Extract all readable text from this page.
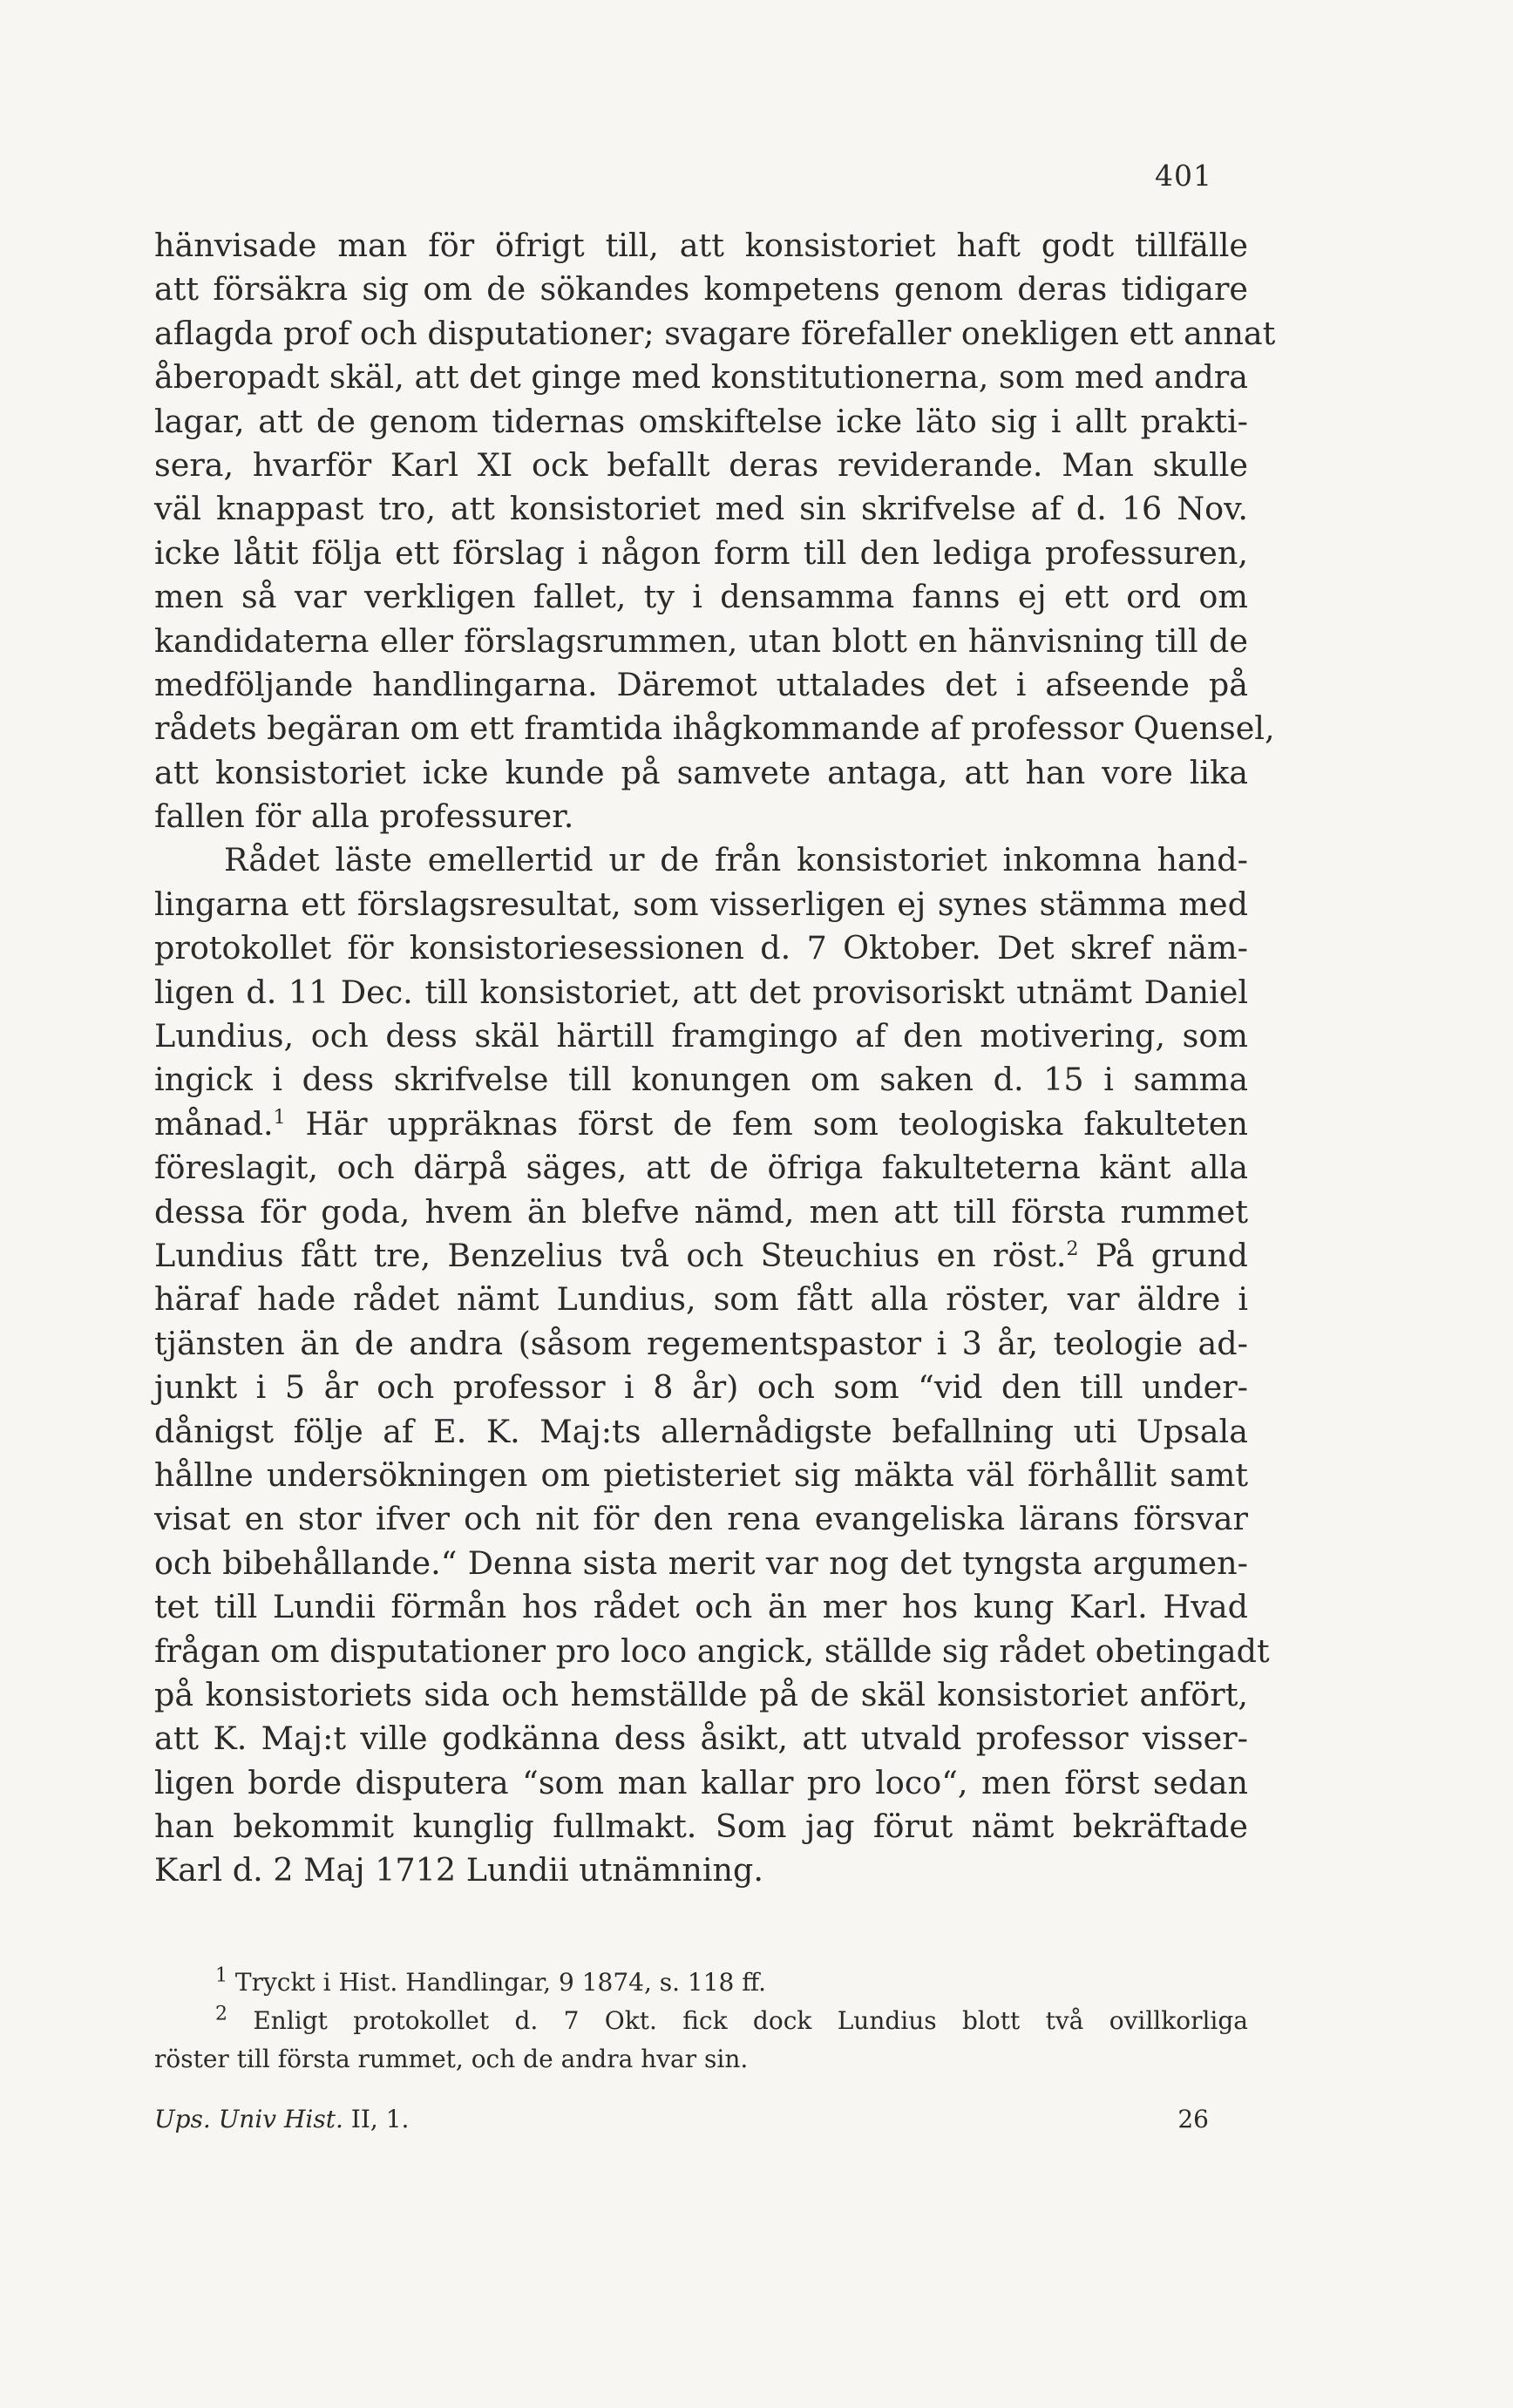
401
hänvisade man för öfrigt till, att konsistoriet haft godt tillfälle
att försäkra sig om de sökandes kompetens genom deras tidigare
aflagda prof och disputationer; svagare förefaller onekligen ett annat
åberopadt skäl, att det ginge med konstitutionerna, som med andra
lagar, att de genom tidernas omskiftelse icke läto sig i allt prakti-
sera, hvarför Karl XI ock befallt deras reviderande. Man skulle
väl knappast tro, att konsistoriet med sin skrifvelse af d. 16 Nov.
icke låtit följa ett förslag i någon form till den lediga professuren,
men så var verkligen fallet, ty i densamma fanns ej ett ord om
kandidaterna eller förslagsrummen, utan blott en hänvisning till de
medföljande handlingarna. Däremot uttalades det i afseende på
rådets begäran om ett framtida ihågkommande af professor Quensel,
att konsistoriet icke kunde på samvete antaga, att han vore lika
fallen för alla professurer.
Rådet läste emellertid ur de från konsistoriet inkomna hand-
lingarna ett förslagsresultat, som visserligen ej synes stämma med
protokollet för konsistoriesessionen d. 7 Oktober. Det skref näm-
ligen d. 11 Dec. till konsistoriet, att det provisoriskt utnämt Daniel
Lundius, och dess skäl härtill framgingo af den motivering, som
ingick i dess skrifvelse till konungen om saken d. 15 i samma
månad.$^1$ Här uppräknas först de fem som teologiska fakulteten
föreslagit, och därpå säges, att de öfriga fakulteterna känt alla
dessa för goda, hvem än blefve nämd, men att till första rummet
Lundius fått tre, Benzelius två och Steuchius en röst.$^2$ På grund
häraf hade rådet nämt Lundius, som fått alla röster, var äldre i
tjänsten än de andra (såsom regementspastor i 3 år, teologie ad-
junkt i 5 år och professor i 8 år) och som “vid den till under-
dånigst följe af E. K. Maj:ts allernådigste befallning uti Upsala
hållne undersökningen om pietisteriet sig mäkta väl förhållit samt
visat en stor ifver och nit för den rena evangeliska lärans försvar
och bibehållande.“ Denna sista merit var nog det tyngsta argumen-
tet till Lundii förmån hos rådet och än mer hos kung Karl. Hvad
frågan om disputationer pro loco angick, ställde sig rådet obetingadt
på konsistoriets sida och hemställde på de skäl konsistoriet anfört,
att K. Maj:t ville godkänna dess åsikt, att utvald professor visser-
ligen borde disputera “som man kallar pro loco“, men först sedan
han bekommit kunglig fullmakt. Som jag förut nämt bekräftade
Karl d. 2 Maj 1712 Lundii utnämning.
$^1$ Tryckt i Hist. Handlingar, 9 1874, s. 118 ff.
$^2$ Enligt protokollet d. 7 Okt. fick dock Lundius blott två ovillkorliga
röster till första rummet, och de andra hvar sin.
Ups. Univ Hist. II, 1.	26
